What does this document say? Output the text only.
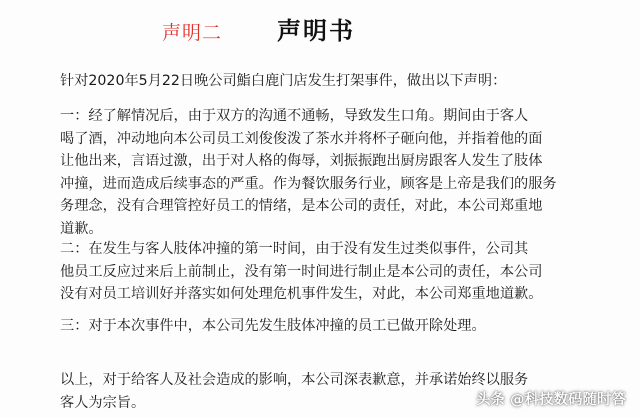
声明二 声明书
针对2020年5月22日晚公司鮨白鹿门店发生打架事件，做出以下声明：
一：经了解情况后，由于双方的沟通不通畅，导致发生口角。期间由于客人
喝了酒，冲动地向本公司员工刘俊俊泼了茶水并将杯子砸向他，并指着他的面
让他出来，言语过激，出于对人格的侮辱，刘振振跑出厨房跟客人发生了肢体
冲撞，进而造成后续事态的严重。作为餐饮服务行业，顾客是上帝是我们的服务
务理念，没有合理管控好员工的情绪，是本公司的责任，对此，本公司郑重地
道歉。
二：在发生与客人肢体冲撞的第一时间，由于没有发生过类似事件，公司其
他员工反应过来后上前制止，没有第一时间进行制止是本公司的责任，本公司
没有对员工培训好并落实如何处理危机事件发生，对此，本公司郑重地道歉。
三：对于本次事件中，本公司先发生肢体冲撞的员工已做开除处理。
以上，对于给客人及社会造成的影响，本公司深表歉意，并承诺始终以服务
客人为宗旨。	头条 @科技数码随时答
